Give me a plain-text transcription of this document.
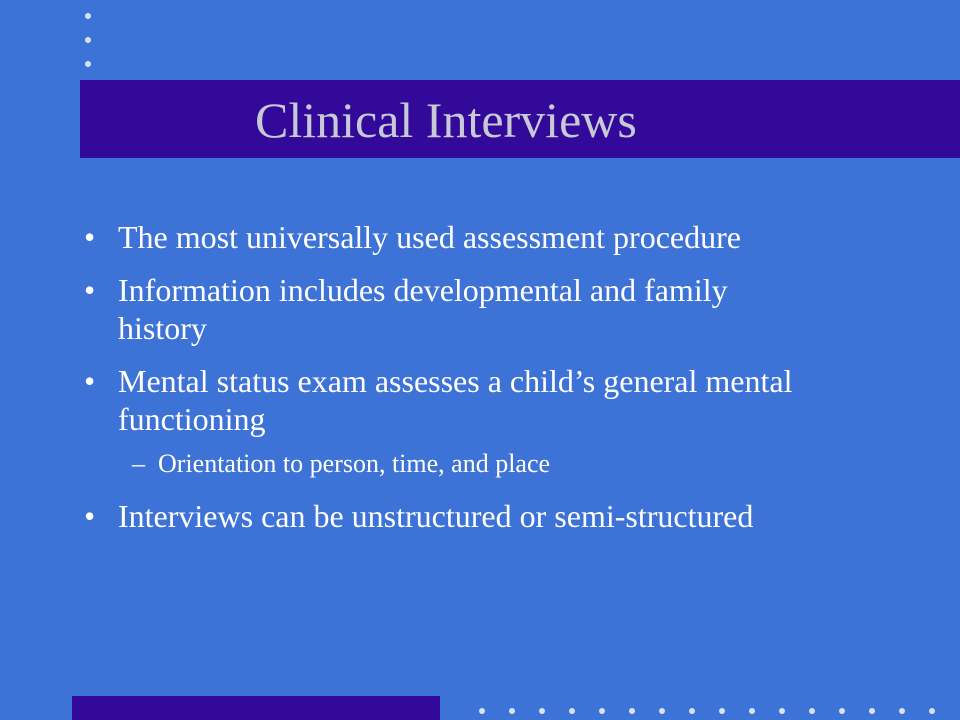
Clinical Interviews
• The most universally used assessment procedure
• Information includes developmental and family history
• Mental status exam assesses a child’s general mental functioning
– Orientation to person, time, and place
• Interviews can be unstructured or semi-structured
